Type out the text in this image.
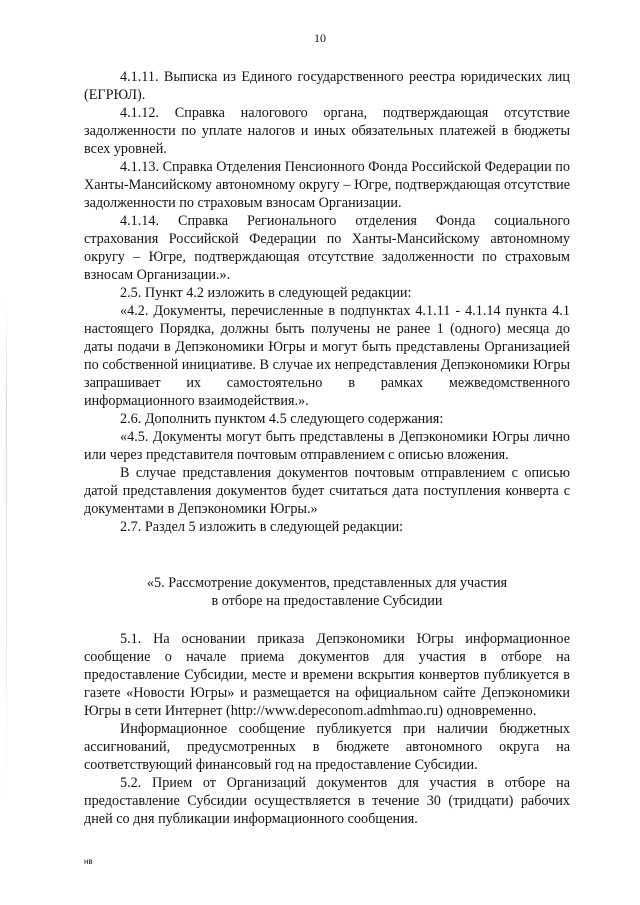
10

4.1.11. Выписка из Единого государственного реестра юридических лиц (ЕГРЮЛ).

4.1.12. Справка налогового органа, подтверждающая отсутствие задолженности по уплате налогов и иных обязательных платежей в бюджеты всех уровней.

4.1.13. Справка Отделения Пенсионного Фонда Российской Федерации по Ханты-Мансийскому автономному округу – Югре, подтверждающая отсутствие задолженности по страховым взносам Организации.

4.1.14. Справка Регионального отделения Фонда социального страхования Российской Федерации по Ханты-Мансийскому автономному округу – Югре, подтверждающая отсутствие задолженности по страховым взносам Организации.».

2.5. Пункт 4.2 изложить в следующей редакции:

«4.2. Документы, перечисленные в подпунктах 4.1.11 - 4.1.14 пункта 4.1 настоящего Порядка, должны быть получены не ранее 1 (одного) месяца до даты подачи в Депэкономики Югры и могут быть представлены Организацией по собственной инициативе. В случае их непредставления Депэкономики Югры запрашивает их самостоятельно в рамках межведомственного информационного взаимодействия.».

2.6. Дополнить пунктом 4.5 следующего содержания:

«4.5. Документы могут быть представлены в Депэкономики Югры лично или через представителя почтовым отправлением с описью вложения.

В случае представления документов почтовым отправлением с описью датой представления документов будет считаться дата поступления конверта с документами в Депэкономики Югры.»

2.7. Раздел 5 изложить в следующей редакции:

«5. Рассмотрение документов, представленных для участия
в отборе на предоставление Субсидии

5.1. На основании приказа Депэкономики Югры информационное сообщение о начале приема документов для участия в отборе на предоставление Субсидии, месте и времени вскрытия конвертов публикуется в газете «Новости Югры» и размещается на официальном сайте Депэкономики Югры в сети Интернет (http://www.depeconom.admhmao.ru) одновременно.

Информационное сообщение публикуется при наличии бюджетных ассигнований, предусмотренных в бюджете автономного округа на соответствующий финансовый год на предоставление Субсидии.

5.2. Прием от Организаций документов для участия в отборе на предоставление Субсидии осуществляется в течение 30 (тридцати) рабочих дней со дня публикации информационного сообщения.

нв
